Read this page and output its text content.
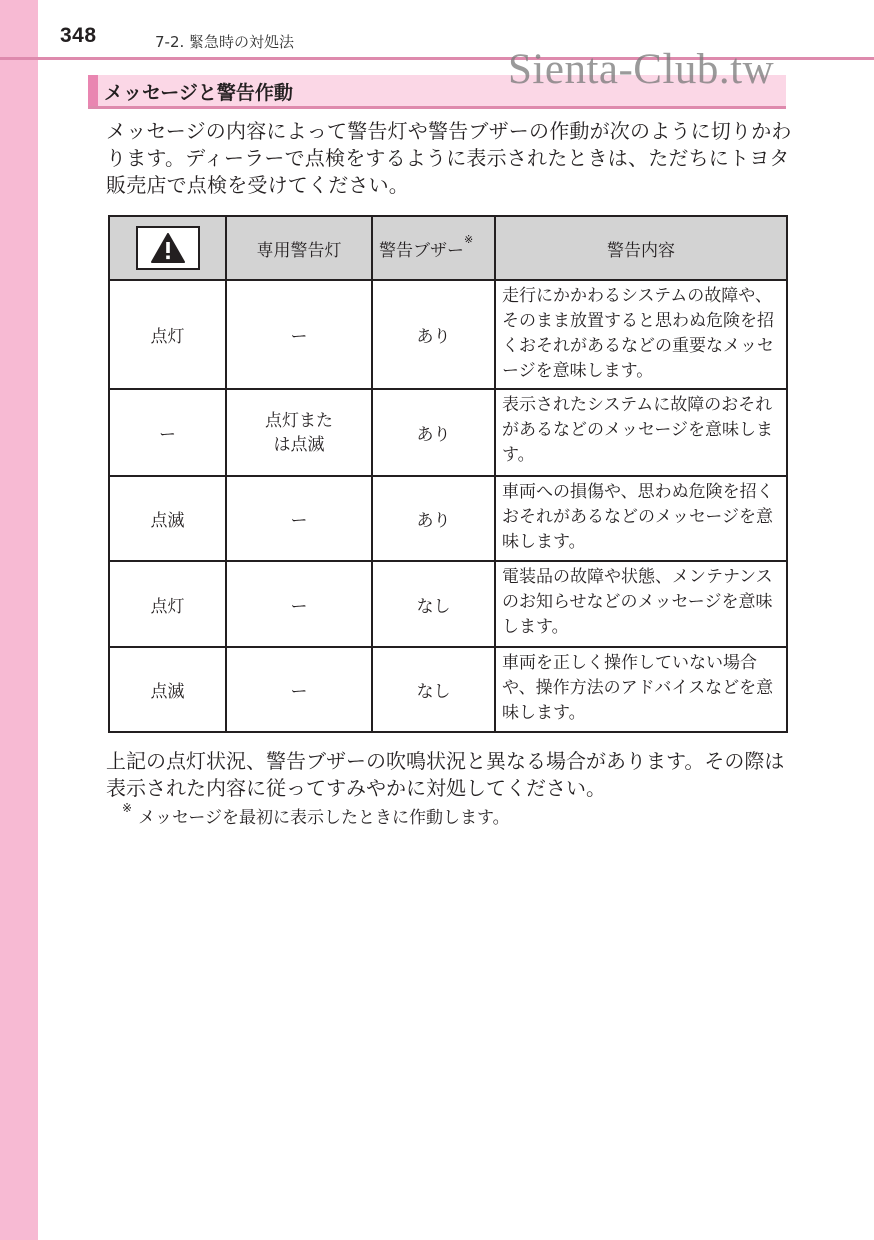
348	7-2. 緊急時の対処法
メッセージと警告作動	Sienta-Club.tw
メッセージの内容によって警告灯や警告ブザーの作動が次のように切りかわります。ディーラーで点検をするように表示されたときは、ただちにトヨタ販売店で点検を受けてください。
	専用警告灯	警告ブザー※	警告内容
点灯	ー	あり	走行にかかわるシステムの故障や、そのまま放置すると思わぬ危険を招くおそれがあるなどの重要なメッセージを意味します。
ー	点灯または点滅	あり	表示されたシステムに故障のおそれがあるなどのメッセージを意味します。
点滅	ー	あり	車両への損傷や、思わぬ危険を招くおそれがあるなどのメッセージを意味します。
点灯	ー	なし	電装品の故障や状態、メンテナンスのお知らせなどのメッセージを意味します。
点滅	ー	なし	車両を正しく操作していない場合や、操作方法のアドバイスなどを意味します。
上記の点灯状況、警告ブザーの吹鳴状況と異なる場合があります。その際は表示された内容に従ってすみやかに対処してください。
※ メッセージを最初に表示したときに作動します。
